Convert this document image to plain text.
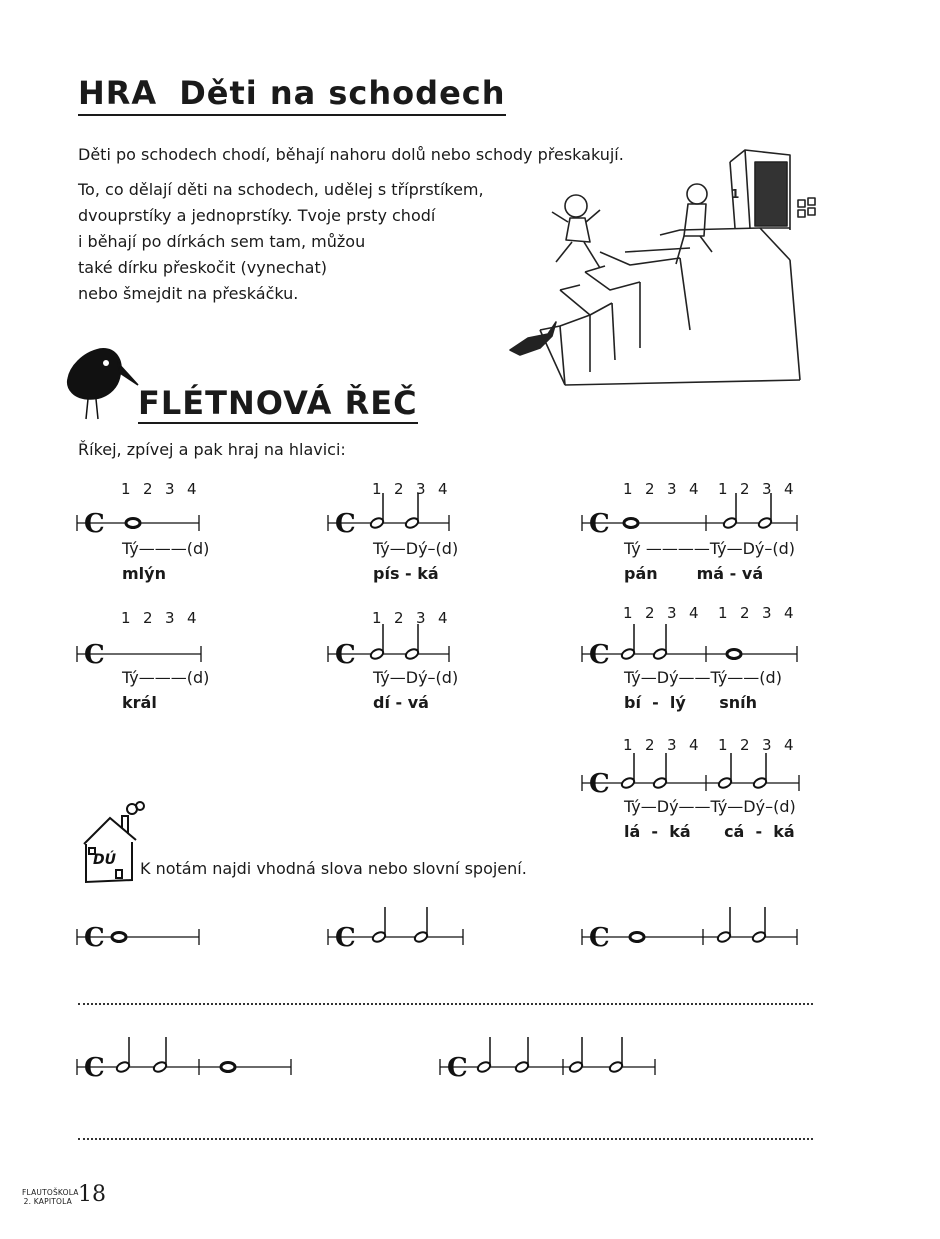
HRA Děti na schodech
Děti po schodech chodí, běhají nahoru dolů nebo schody přeskakují.
To, co dělají děti na schodech, udělej s tříprstíkem,
dvouprstíky a jednoprstíky. Tvoje prsty chodí
i běhají po dírkách sem tam, můžou
také dírku přeskočit (vynechat)
nebo šmejdit na přeskáčku.
1
FLÉTNOVÁ ŘEČ
Říkej, zpívej a pak hraj na hlavici:
1 2 3 4
C
1 2 3 4
C
1 2 3 4 1 2 3 4
C
1 2 3 4
C
1 2 3 4
C
1 2 3 4 1 2 3 4
C
1 2 3 4 1 2 3 4
C
C	C	C
C	C
Tý———(d)
mlýn
Tý—Dý–(d)
pís - ká
Tý ————Tý—Dý–(d)
pán       má - vá
Tý———(d)
král
Tý—Dý–(d)
dí - vá
Tý—Dý——Tý——(d)
bí  -  lý      sníh
Tý—Dý——Tý—Dý–(d)
lá  -  ká      cá  -  ká
DÚ K notám najdi vhodná slova nebo slovní spojení.
FLAUTOŠKOLA
2. KAPITOLA 18
